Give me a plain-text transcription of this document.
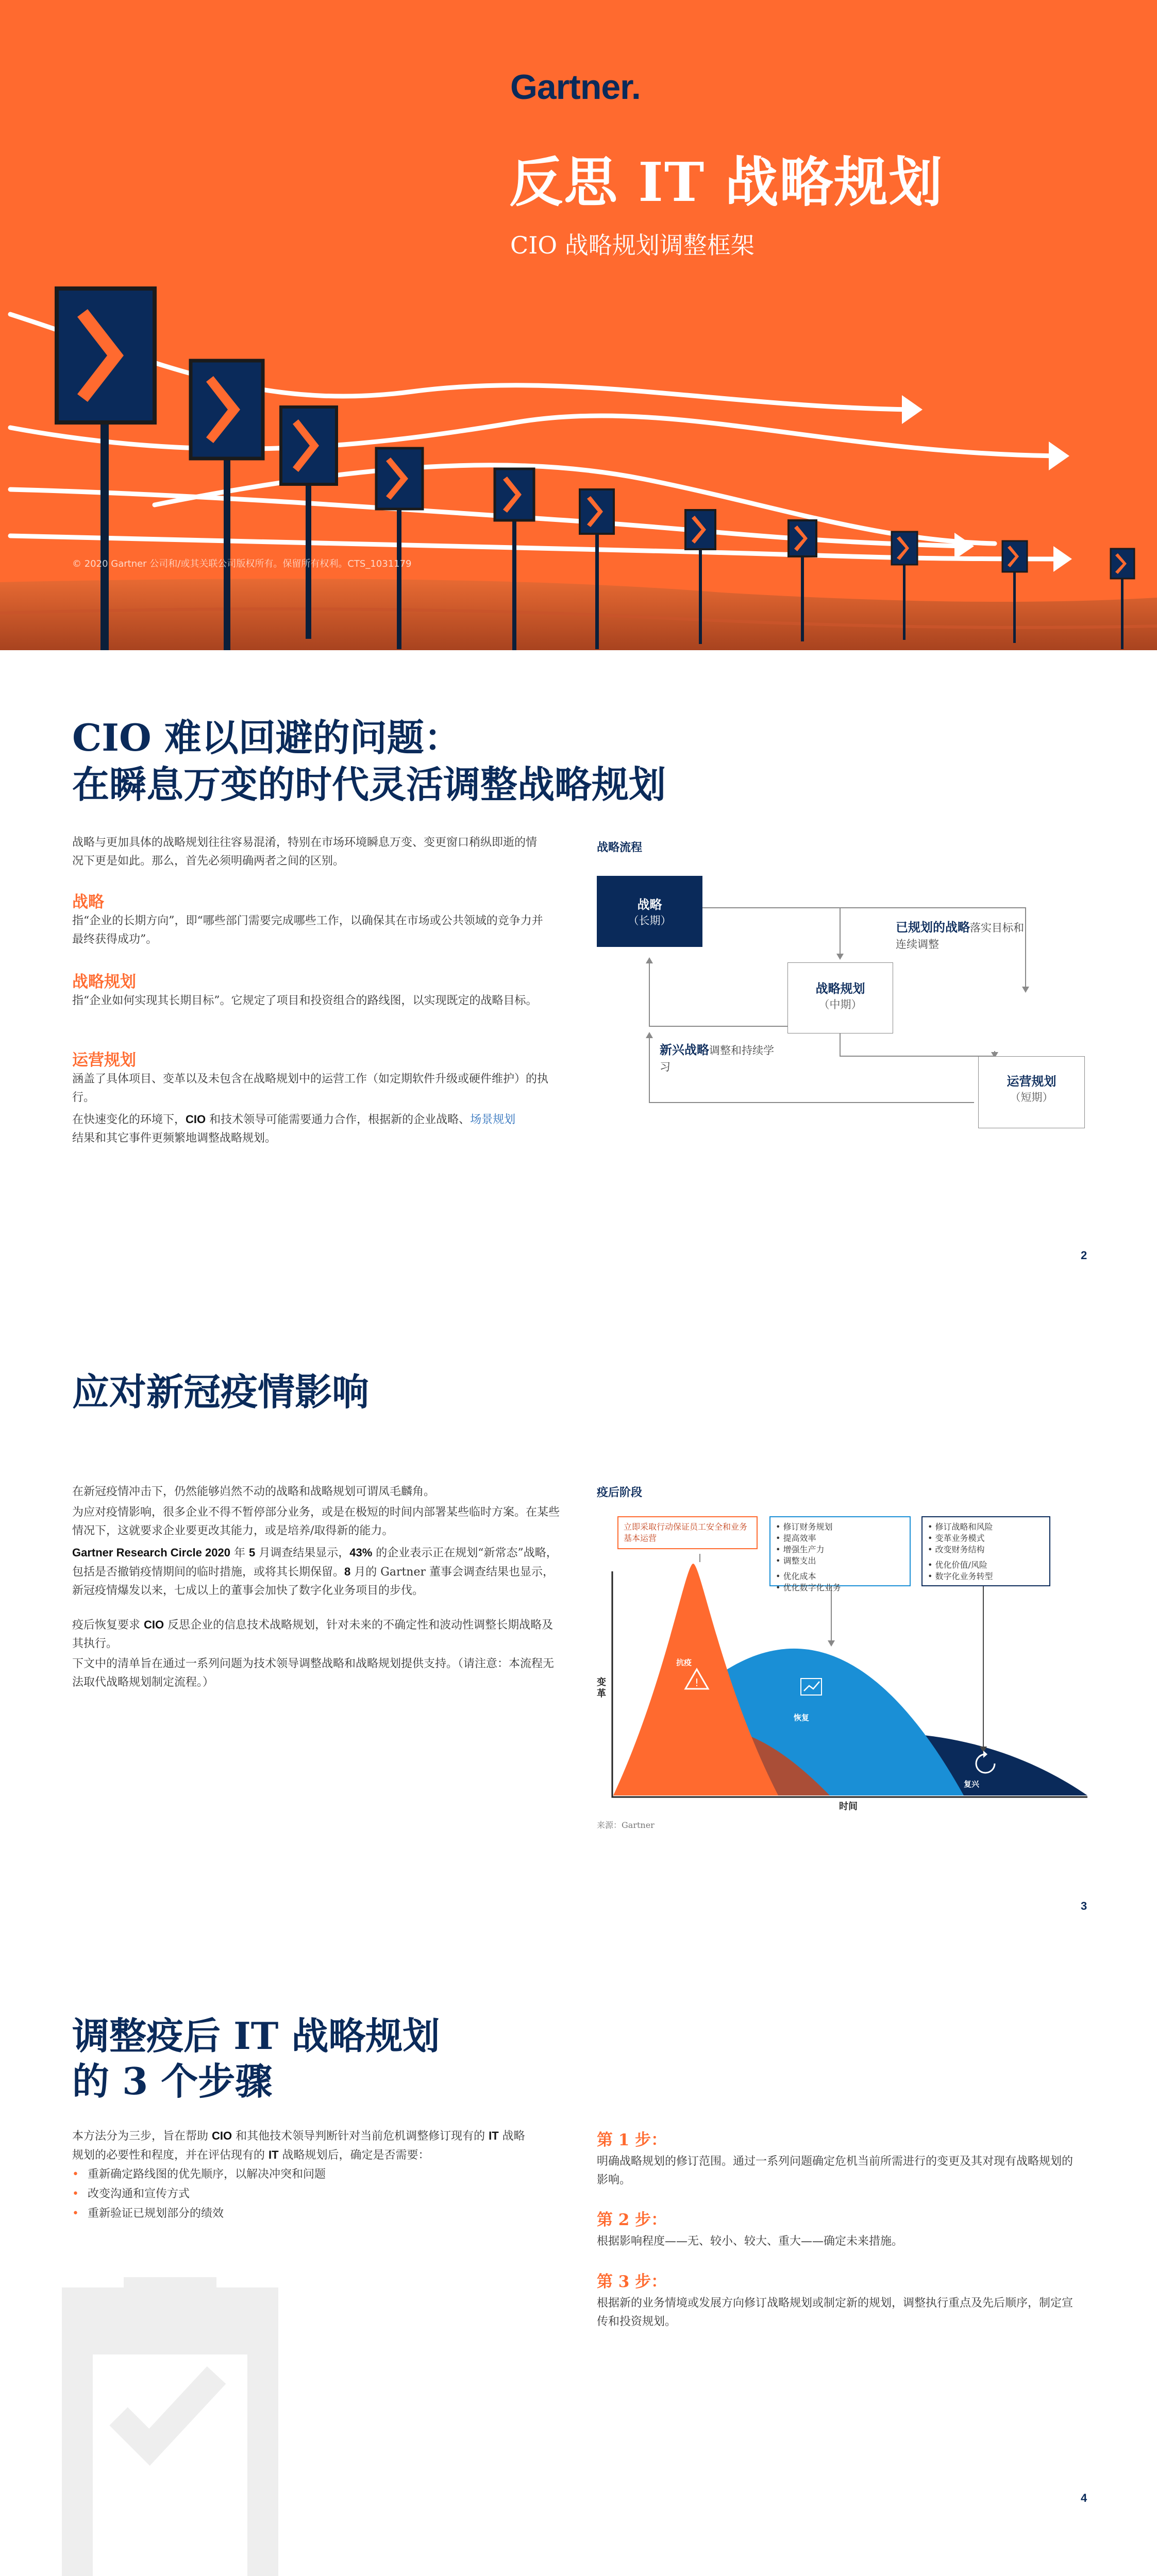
Gartner.
反思 IT 战略规划
CIO 战略规划调整框架
© 2020 Gartner 公司和/或其关联公司版权所有。保留所有权利。CTS_1031179
CIO 难以回避的问题：
在瞬息万变的时代灵活调整战略规划
战略与更加具体的战略规划往往容易混淆，特别在市场环境瞬息万变、变更窗口稍纵即逝的情况下更是如此。那么，首先必须明确两者之间的区别。
战略
指“企业的长期方向”，即“哪些部门需要完成哪些工作，以确保其在市场或公共领域的竞争力并最终获得成功”。
战略规划
指“企业如何实现其长期目标”。它规定了项目和投资组合的路线图，以实现既定的战略目标。
运营规划
涵盖了具体项目、变革以及未包含在战略规划中的运营工作（如定期软件升级或硬件维护）的执行。
在快速变化的环境下，CIO 和技术领导可能需要通力合作，根据新的企业战略、场景规划结果和其它事件更频繁地调整战略规划。
战略流程
战略
（长期）
战略规划
（中期）
运营规划
（短期）
已规划的战略落实目标和连续调整
新兴战略调整和持续学习
2
应对新冠疫情影响
在新冠疫情冲击下，仍然能够岿然不动的战略和战略规划可谓凤毛麟角。
为应对疫情影响，很多企业不得不暂停部分业务，或是在极短的时间内部署某些临时方案。在某些情况下，这就要求企业要更改其能力，或是培养/取得新的能力。
Gartner Research Circle 2020 年 5 月调查结果显示，43% 的企业表示正在规划“新常态”战略，包括是否撤销疫情期间的临时措施，或将其长期保留。8 月的 Gartner 董事会调查结果也显示，新冠疫情爆发以来，七成以上的董事会加快了数字化业务项目的步伐。
疫后恢复要求 CIO 反思企业的信息技术战略规划，针对未来的不确定性和波动性调整长期战略及其执行。
下文中的清单旨在通过一系列问题为技术领导调整战略和战略规划提供支持。（请注意：本流程无法取代战略规划制定流程。）
疫后阶段
!
立即采取行动保证员工安全和业务基本运营
• 修订财务规划
• 提高效率
• 增强生产力
• 调整支出
• 优化成本
• 优化数字化业务
• 修订战略和风险
• 变革业务模式
• 改变财务结构
• 优化价值/风险
• 数字化业务转型
抗疫
恢复
复兴
变革
时间
来源：Gartner
3
调整疫后 IT 战略规划
的 3 个步骤
本方法分为三步，旨在帮助 CIO 和其他技术领导判断针对当前危机调整修订现有的 IT 战略规划的必要性和程度，并在评估现有的 IT 战略规划后，确定是否需要：
• 重新确定路线图的优先顺序，以解决冲突和问题
• 改变沟通和宣传方式
• 重新验证已规划部分的绩效
第 1 步：
明确战略规划的修订范围。通过一系列问题确定危机当前所需进行的变更及其对现有战略规划的影响。
第 2 步：
根据影响程度——无、较小、较大、重大——确定未来措施。
第 3 步：
根据新的业务情境或发展方向修订战略规划或制定新的规划，调整执行重点及先后顺序，制定宣传和投资规划。
4
